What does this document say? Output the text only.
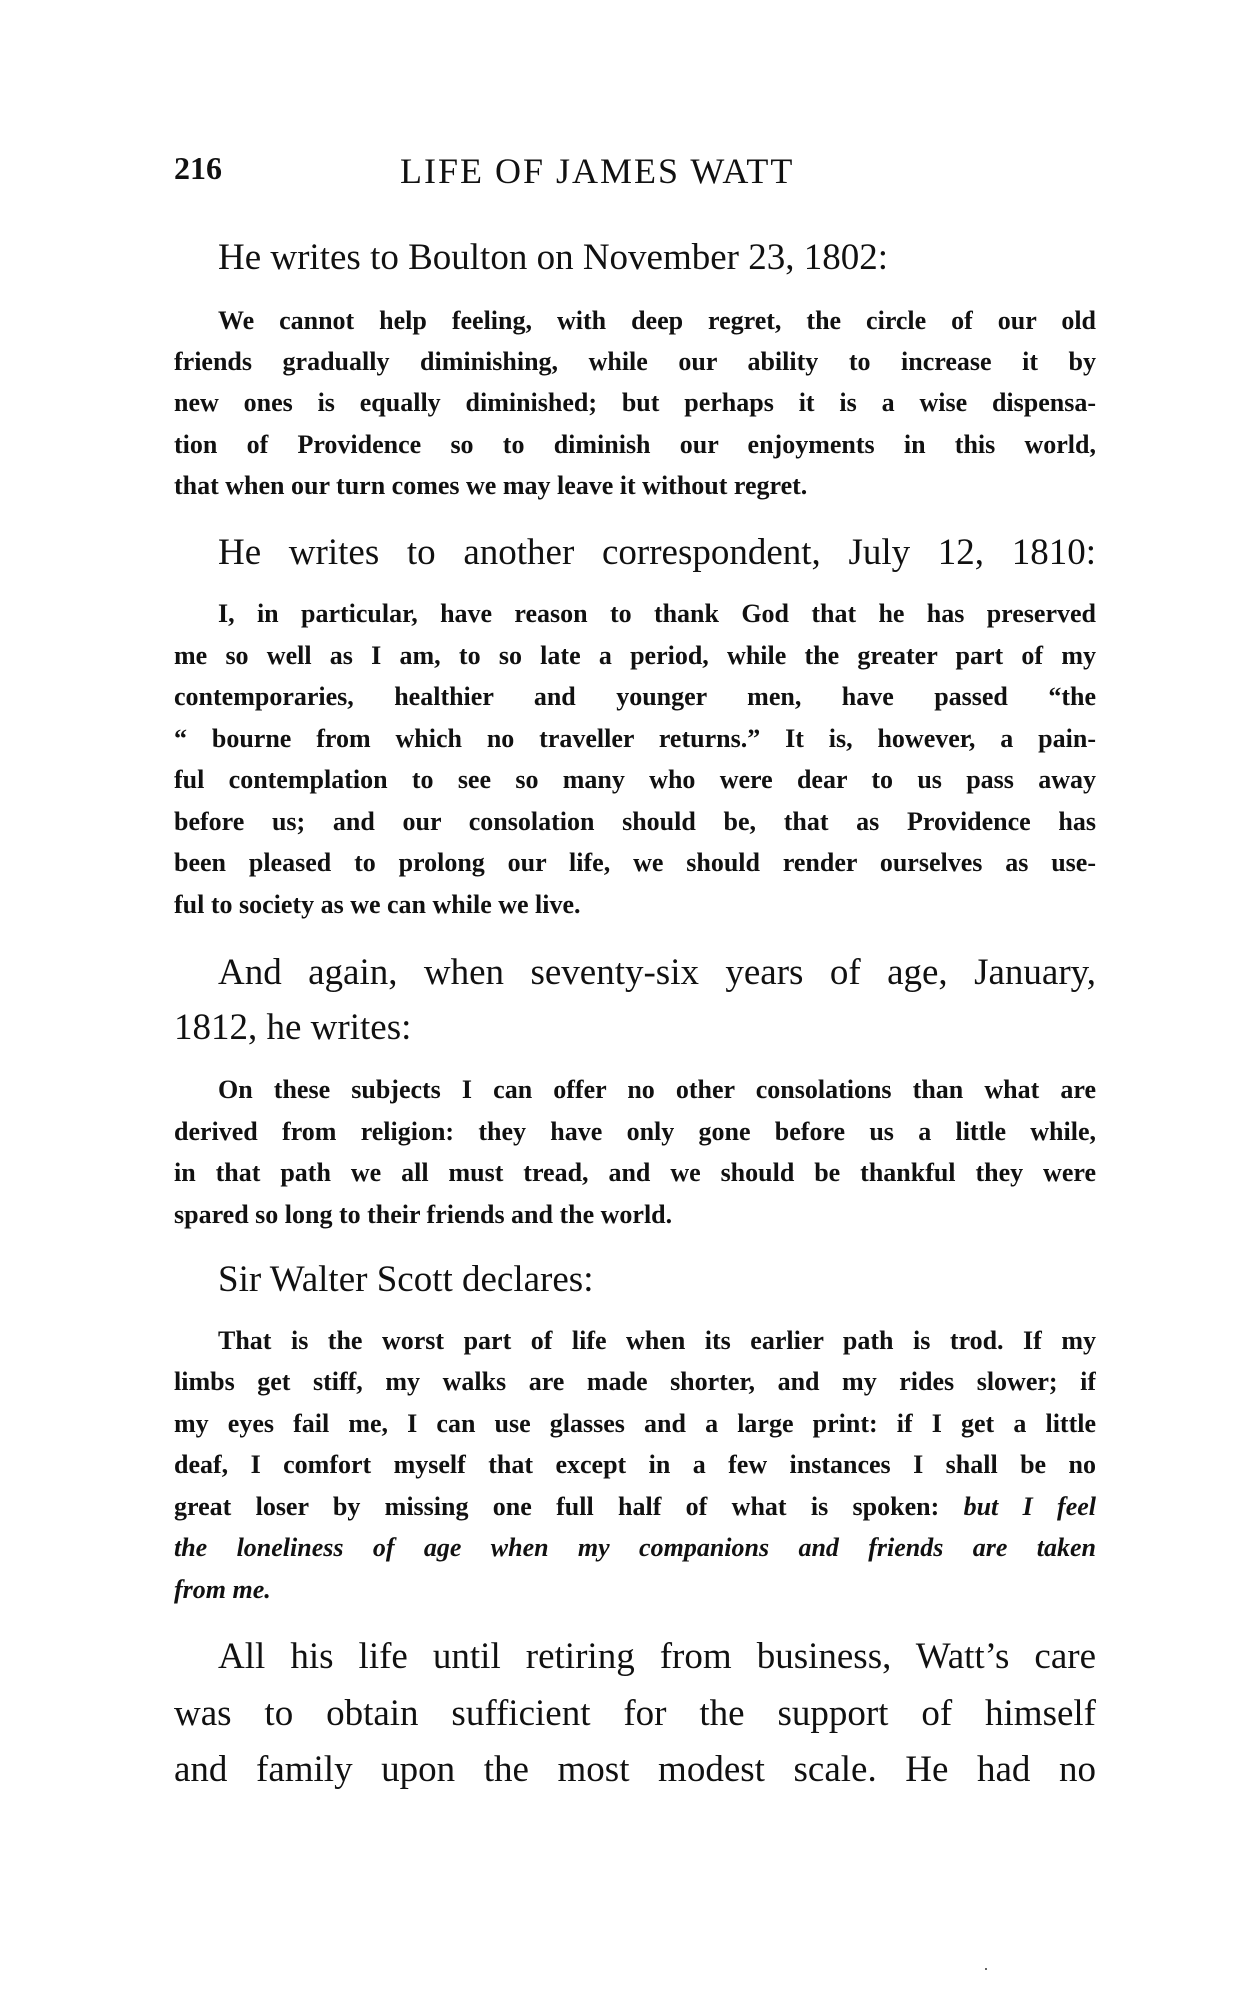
216	LIFE OF JAMES WATT
He writes to Boulton on November 23, 1802:
We cannot help feeling, with deep regret, the circle of our old
friends gradually diminishing, while our ability to increase it by
new ones is equally diminished; but perhaps it is a wise dispensa-
tion of Providence so to diminish our enjoyments in this world,
that when our turn comes we may leave it without regret.
He writes to another correspondent, July 12, 1810:
I, in particular, have reason to thank God that he has preserved
me so well as I am, to so late a period, while the greater part of my
contemporaries, healthier and younger men, have passed “the
“ bourne from which no traveller returns.” It is, however, a pain-
ful contemplation to see so many who were dear to us pass away
before us; and our consolation should be, that as Providence has
been pleased to prolong our life, we should render ourselves as use-
ful to society as we can while we live.
And again, when seventy-six years of age, January,
1812, he writes:
On these subjects I can offer no other consolations than what are
derived from religion: they have only gone before us a little while,
in that path we all must tread, and we should be thankful they were
spared so long to their friends and the world.
Sir Walter Scott declares:
That is the worst part of life when its earlier path is trod. If my
limbs get stiff, my walks are made shorter, and my rides slower; if
my eyes fail me, I can use glasses and a large print: if I get a little
deaf, I comfort myself that except in a few instances I shall be no
great loser by missing one full half of what is spoken: but I feel
the loneliness of age when my companions and friends are taken
from me.
All his life until retiring from business, Watt’s care
was to obtain sufficient for the support of himself
and family upon the most modest scale. He had no
